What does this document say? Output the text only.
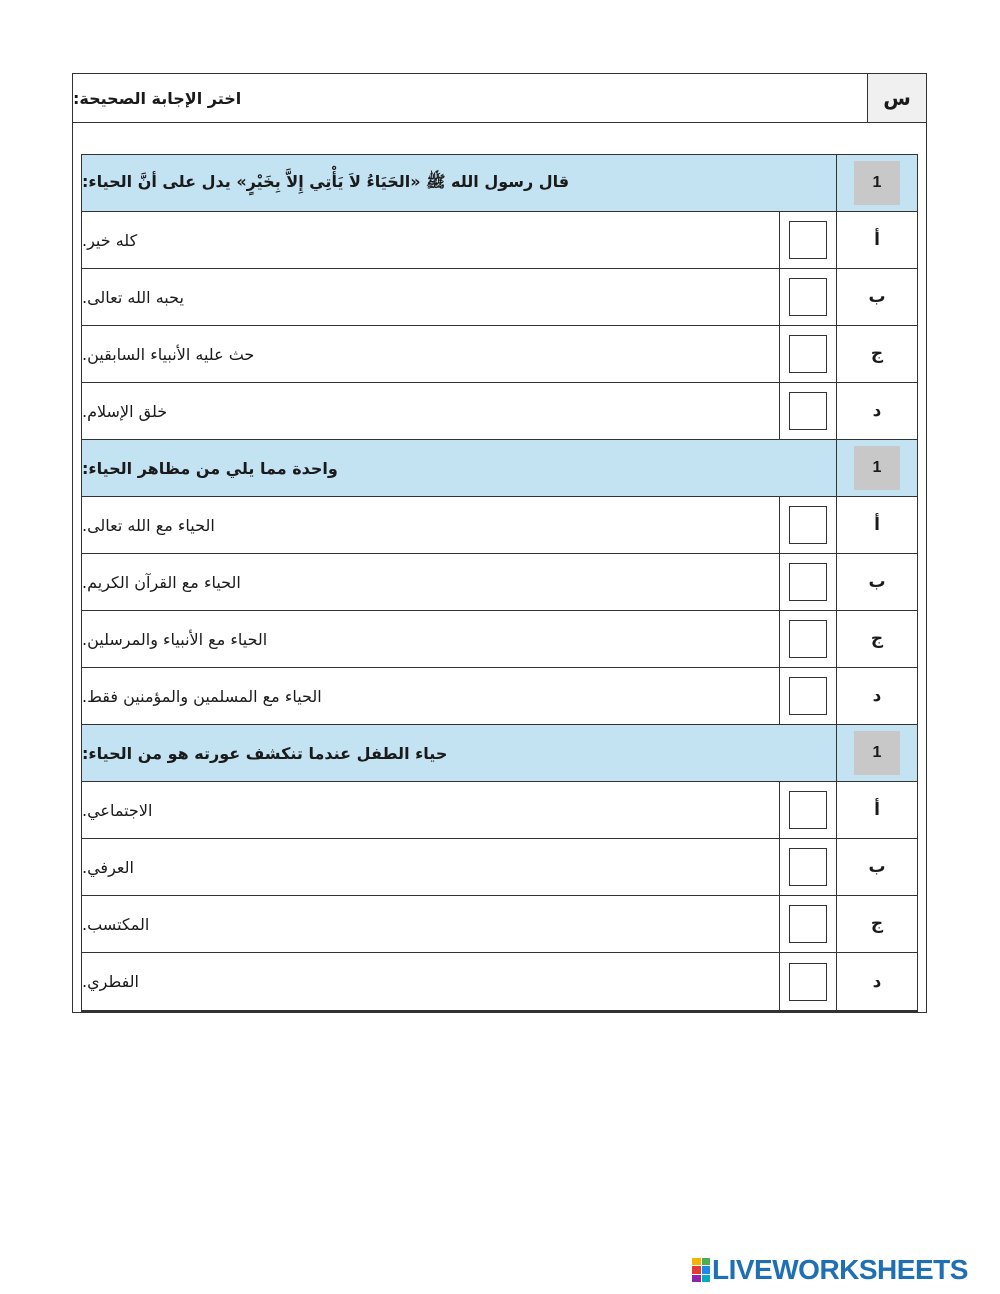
اختر الإجابة الصحيحة:	س
قال رسول الله ﷺ «الحَيَاءُ لاَ يَأْتِي إِلاَّ بِخَيْرٍ» يدل على أنَّ الحياء:	1
كله خير.	أ
يحبه الله تعالى.	ب
حث عليه الأنبياء السابقين.	ج
خلق الإسلام.	د
واحدة مما يلي من مظاهر الحياء:	1
الحياء مع الله تعالى.	أ
الحياء مع القرآن الكريم.	ب
الحياء مع الأنبياء والمرسلين.	ج
الحياء مع المسلمين والمؤمنين فقط.	د
حياء الطفل عندما تنكشف عورته هو من الحياء:	1
الاجتماعي.	أ
العرفي.	ب
المكتسب.	ج
الفطري.	د
LIVEWORKSHEETS
